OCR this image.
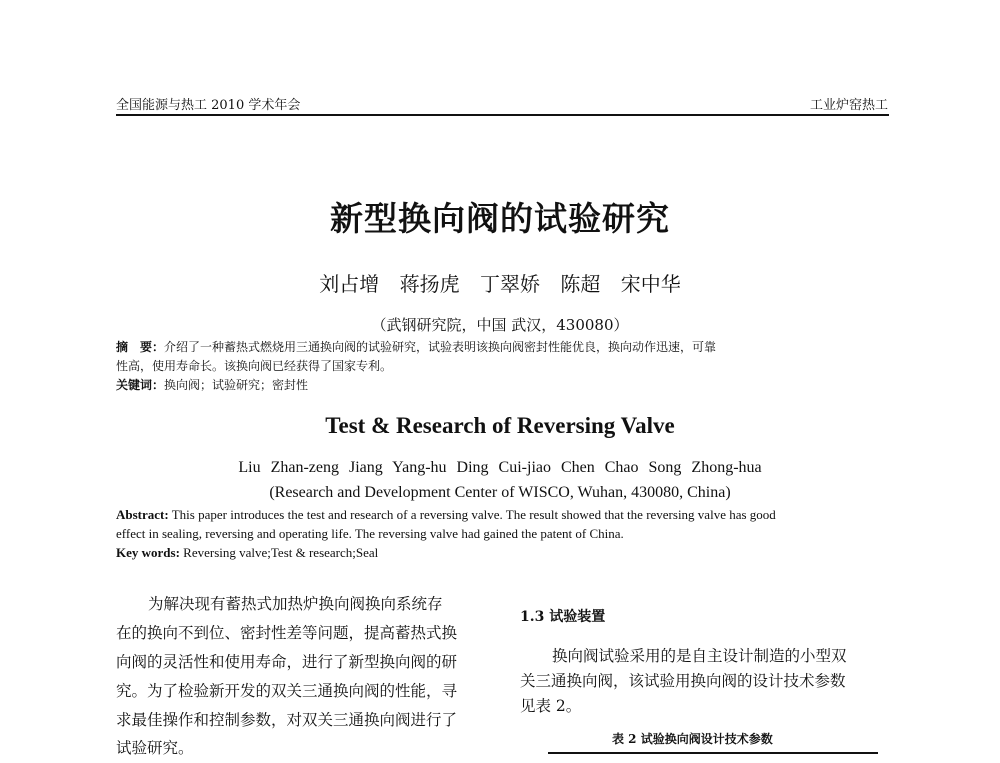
全国能源与热工 2010 学术年会	工业炉窑热工
新型换向阀的试验研究
刘占增 蒋扬虎 丁翠娇 陈超 宋中华
（武钢研究院，中国 武汉，430080）
摘　要：介绍了一种蓄热式燃烧用三通换向阀的试验研究，试验表明该换向阀密封性能优良，换向动作迅速，可靠
性高，使用寿命长。该换向阀已经获得了国家专利。
关键词：换向阀；试验研究；密封性
Test & Research of Reversing Valve
Liu Zhan-zeng Jiang Yang-hu Ding Cui-jiao Chen Chao Song Zhong-hua
(Research and Development Center of WISCO, Wuhan, 430080, China)
Abstract: This paper introduces the test and research of a reversing valve. The result showed that the reversing valve has good
effect in sealing, reversing and operating life. The reversing valve had gained the patent of China.
Key words: Reversing valve;Test & research;Seal
为解决现有蓄热式加热炉换向阀换向系统存
在的换向不到位、密封性差等问题，提高蓄热式换
向阀的灵活性和使用寿命，进行了新型换向阀的研
究。为了检验新开发的双关三通换向阀的性能，寻
求最佳操作和控制参数，对双关三通换向阀进行了
试验研究。
1.3 试验装置
换向阀试验采用的是自主设计制造的小型双
关三通换向阀，该试验用换向阀的设计技术参数
见表 2。
表 2 试验换向阀设计技术参数
